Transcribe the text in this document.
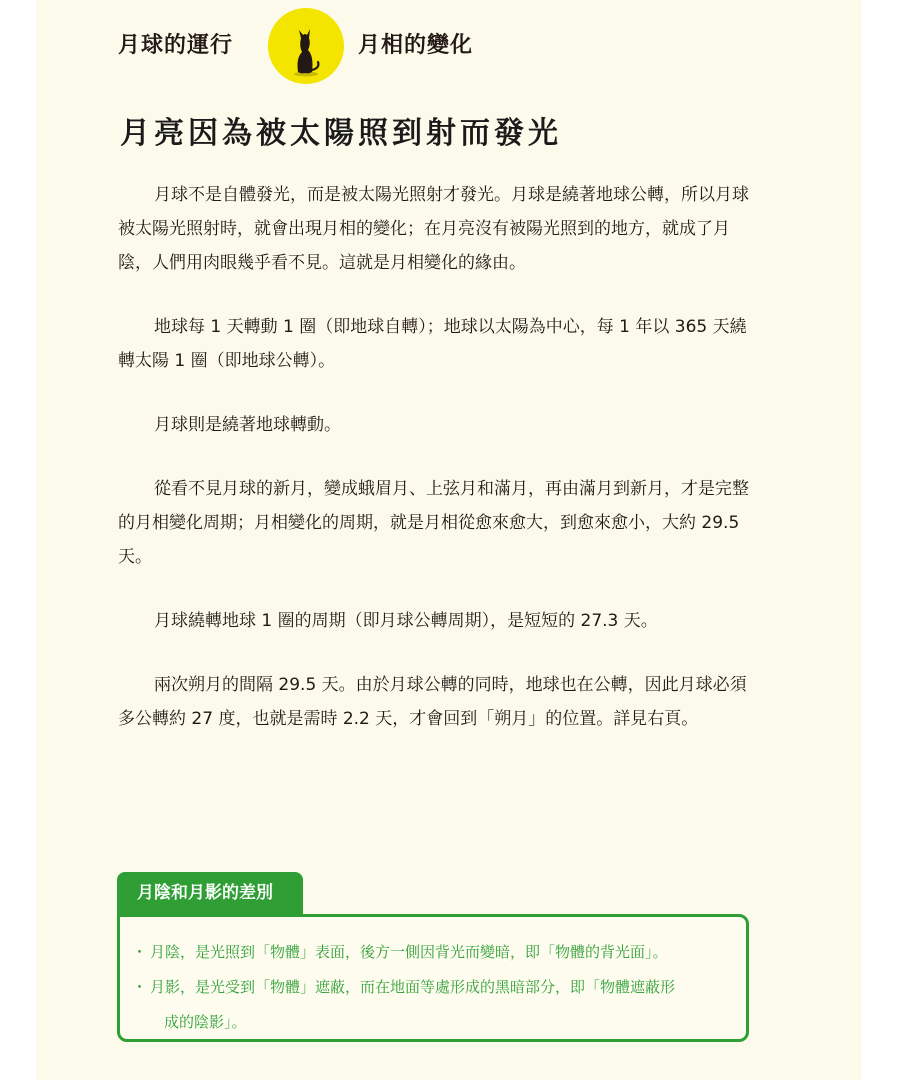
月球的運行	月相的變化
月亮因為被太陽照到射而發光

月球不是自體發光，而是被太陽光照射才發光。月球是繞著地球公轉，所以月球被太陽光照射時，就會出現月相的變化；在月亮沒有被陽光照到的地方，就成了月陰，人們用肉眼幾乎看不見。這就是月相變化的緣由。

地球每 1 天轉動 1 圈（即地球自轉）；地球以太陽為中心，每 1 年以 365 天繞轉太陽 1 圈（即地球公轉）。

月球則是繞著地球轉動。

從看不見月球的新月，變成蛾眉月、上弦月和滿月，再由滿月到新月，才是完整的月相變化周期；月相變化的周期，就是月相從愈來愈大，到愈來愈小，大約 29.5 天。

月球繞轉地球 1 圈的周期（即月球公轉周期），是短短的 27.3 天。

兩次朔月的間隔 29.5 天。由於月球公轉的同時，地球也在公轉，因此月球必須多公轉約 27 度，也就是需時 2.2 天，才會回到「朔月」的位置。詳見右頁。

月陰和月影的差別
・ 月陰，是光照到「物體」表面，後方一側因背光而變暗，即「物體的背光面」。
・ 月影，是光受到「物體」遮蔽，而在地面等處形成的黑暗部分，即「物體遮蔽形
成的陰影」。
